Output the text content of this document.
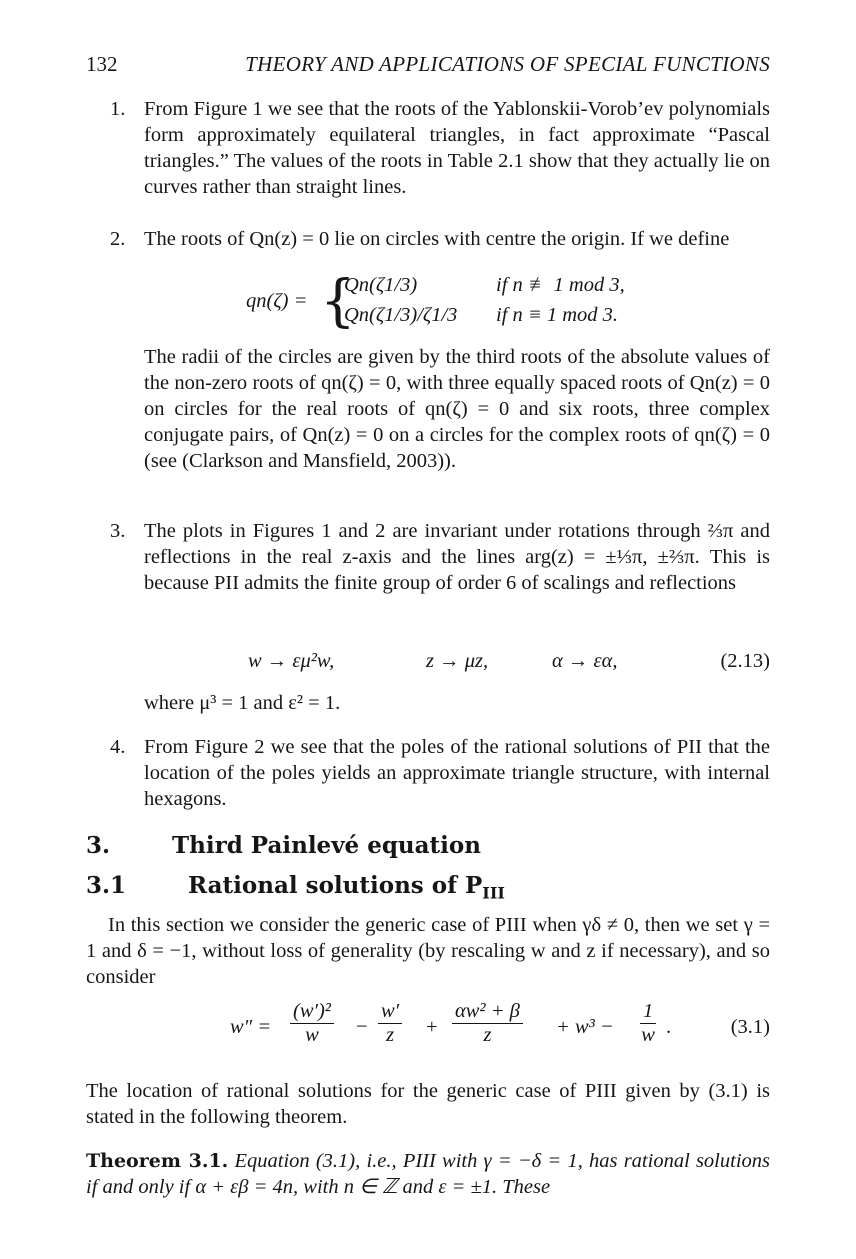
132	THEORY AND APPLICATIONS OF SPECIAL FUNCTIONS
1. From Figure 1 we see that the roots of the Yablonskii-Vorob’ev polynomials form approximately equilateral triangles, in fact approximate “Pascal triangles.” The values of the roots in Table 2.1 show that they actually lie on curves rather than straight lines.
2. The roots of Qn(z) = 0 lie on circles with centre the origin. If we define
qn(ζ) = {
Qn(ζ1/3)	if n ≢ 1 mod 3,
Qn(ζ1/3)/ζ1/3 if n ≡ 1 mod 3.
The radii of the circles are given by the third roots of the absolute values of the non-zero roots of qn(ζ) = 0, with three equally spaced roots of Qn(z) = 0 on circles for the real roots of qn(ζ) = 0 and six roots, three complex conjugate pairs, of Qn(z) = 0 on a circles for the complex roots of qn(ζ) = 0 (see (Clarkson and Mansfield, 2003)).
3. The plots in Figures 1 and 2 are invariant under rotations through ⅔π and reflections in the real z-axis and the lines arg(z) = ±⅓π, ±⅔π. This is because PII admits the finite group of order 6 of scalings and reflections
w → εμ²w,	z → μz,	α → εα,	(2.13)
where μ³ = 1 and ε² = 1.
4. From Figure 2 we see that the poles of the rational solutions of PII that the location of the poles yields an approximate triangle structure, with internal hexagons.
3.	Third Painlevé equation
3.1	Rational solutions of $P_{III}$
In this section we consider the generic case of PIII when γδ ≠ 0, then we set γ = 1 and δ = −1, without loss of generality (by rescaling w and z if necessary), and so consider
$w'' = \frac{\text{(w′)²}}{w} - \frac{w'}{z} + \frac{\text{αw² + β}}{z} + w^3 - \frac{1}{w}$ .	(3.1)
The location of rational solutions for the generic case of PIII given by (3.1) is stated in the following theorem.
Theorem 3.1. Equation (3.1), i.e., PIII with γ = −δ = 1, has rational solutions if and only if α + εβ = 4n, with n ∈ ℤ and ε = ±1. These
